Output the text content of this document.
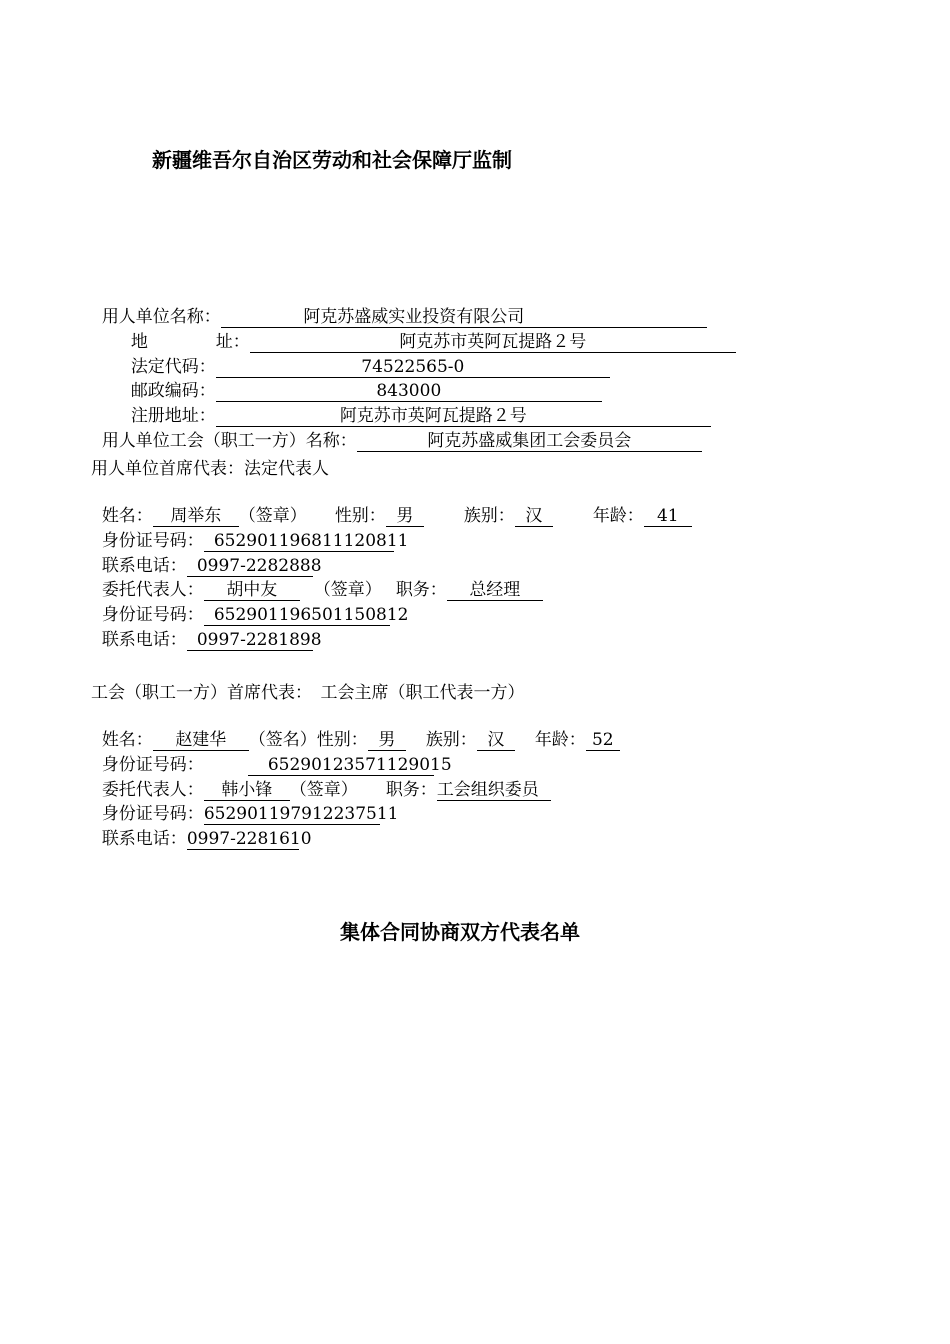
新疆维吾尔自治区劳动和社会保障厅监制

用人单位名称：	阿克苏盛威实业投资有限公司

地　　　　址：	阿克苏市英阿瓦提路２号

法定代码：	74522565-0

邮政编码：	843000

注册地址：	阿克苏市英阿瓦提路２号

用人单位工会（职工一方）名称：	阿克苏盛威集团工会委员会

用人单位首席代表：法定代表人

姓名： 周举东 （签章） 性别： 男	族别： 汉	年龄： 41

身份证号码： 652901196811120811

联系电话： 0997-2282888

委托代表人： 胡中友 （签章） 职务： 总经理

身份证号码： 652901196501150812

联系电话： 0997-2281898

工会（职工一方）首席代表：　工会主席（职工代表一方）

姓名： 赵建华 （签名）性别： 男 族别： 汉 年龄： 52

身份证号码：	65290123571129015

委托代表人： 韩小锋 （签章） 职务：工会组织委员

身份证号码：652901197912237511

联系电话：0997-2281610

集体合同协商双方代表名单
